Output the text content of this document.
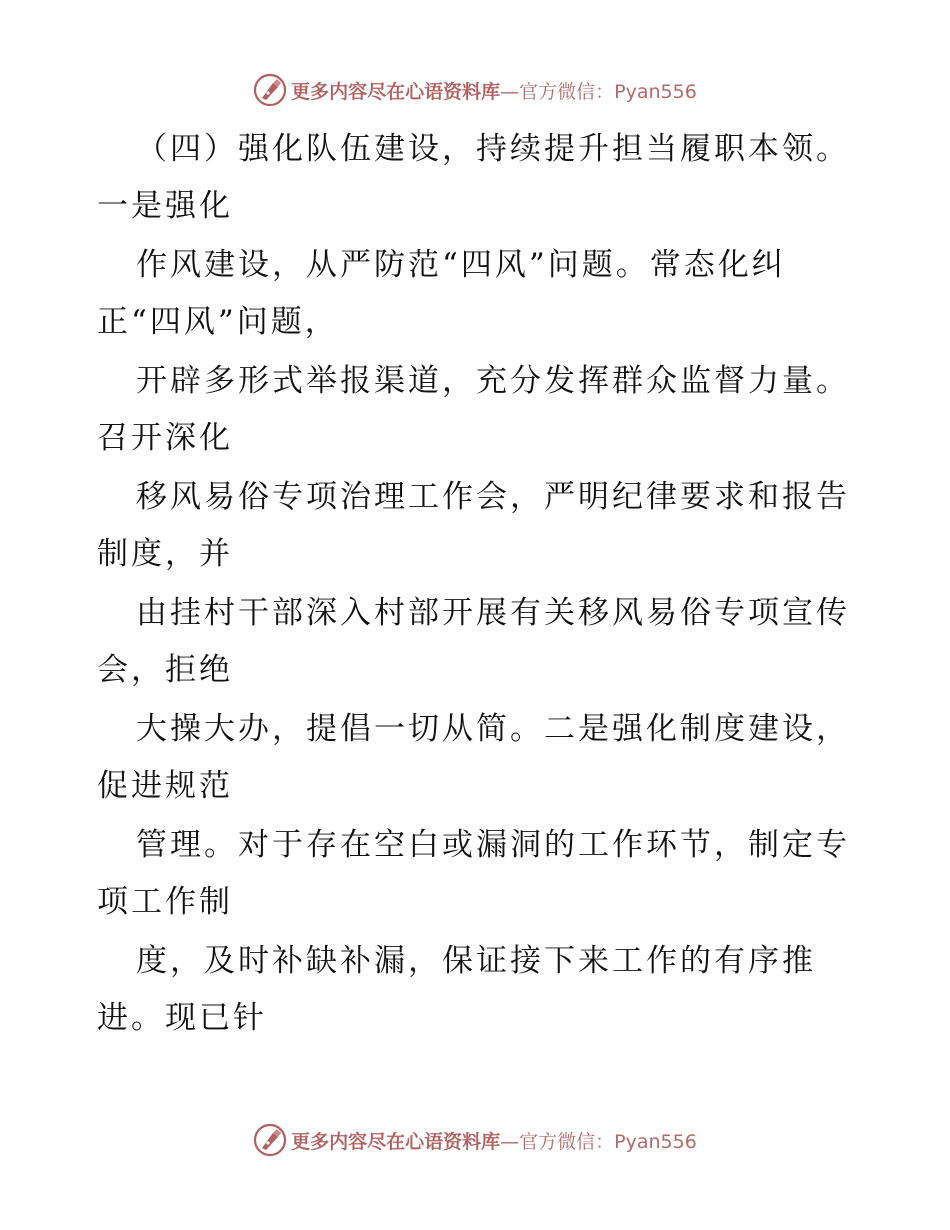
更多内容尽在心语资料库—官方微信：Pyan556
（四）强化队伍建设，持续提升担当履职本领。
一是强化
作风建设，从严防范“四风”问题。常态化纠
正“四风”问题，
开辟多形式举报渠道，充分发挥群众监督力量。
召开深化
移风易俗专项治理工作会，严明纪律要求和报告
制度，并
由挂村干部深入村部开展有关移风易俗专项宣传
会，拒绝
大操大办，提倡一切从简。二是强化制度建设，
促进规范
管理。对于存在空白或漏洞的工作环节，制定专
项工作制
度，及时补缺补漏，保证接下来工作的有序推
进。现已针
更多内容尽在心语资料库—官方微信：Pyan556
